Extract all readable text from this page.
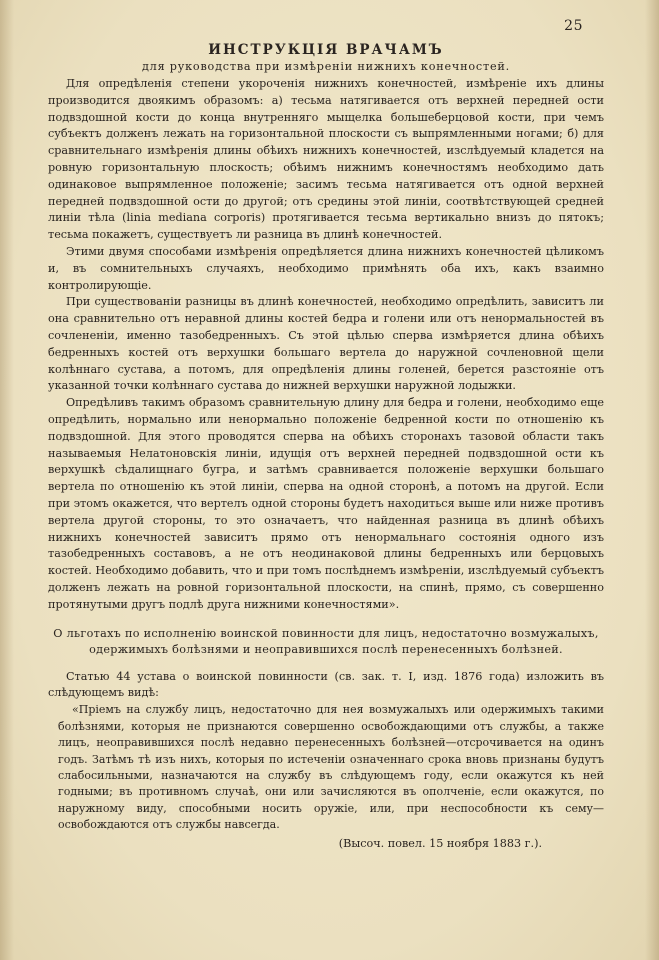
25
ИНСТРУКЦІЯ ВРАЧАМЪ
для руководства при измѣреніи нижнихъ конечностей.

Для опредѣленія степени укороченія нижнихъ конечностей, измѣреніе ихъ длины производится двоякимъ образомъ: а) тесьма натягивается отъ верхней передней ости подвздошной кости до конца внутренняго мыщелка большеберцовой кости, при чемъ субъектъ долженъ лежать на горизонтальной плоскости съ выпрямленными ногами; б) для сравнительнаго измѣренія длины обѣихъ нижнихъ конечностей, изслѣдуемый кладется на ровную горизонтальную плоскость; обѣимъ нижнимъ конечностямъ необходимо дать одинаковое выпрямленное положеніе; засимъ тесьма натягивается отъ одной верхней передней подвздошной ости до другой; отъ средины этой линіи, соотвѣтствующей средней линіи тѣла (linia mediana corporis) протягивается тесьма вертикально внизъ до пятокъ; тесьма покажетъ, существуетъ ли разница въ длинѣ конечностей.

Этими двумя способами измѣренія опредѣляется длина нижнихъ конечностей цѣликомъ и, въ сомнительныхъ случаяхъ, необходимо примѣнять оба ихъ, какъ взаимно контролирующіе.

При существованіи разницы въ длинѣ конечностей, необходимо опредѣлить, зависитъ ли она сравнительно отъ неравной длины костей бедра и голени или отъ ненормальностей въ сочлененіи, именно тазобедренныхъ. Съ этой цѣлью сперва измѣряется длина обѣихъ бедренныхъ костей отъ верхушки большаго вертела до наружной сочленовной щели колѣннаго сустава, а потомъ, для опредѣленія длины голеней, берется разстояніе отъ указанной точки колѣннаго сустава до нижней верхушки наружной лодыжки.

Опредѣливъ такимъ образомъ сравнительную длину для бедра и голени, необходимо еще опредѣлить, нормально или ненормально положеніе бедренной кости по отношенію къ подвздошной. Для этого проводятся сперва на обѣихъ сторонахъ тазовой области такъ называемыя Нелатоновскія линіи, идущія отъ верхней передней подвздошной ости къ верхушкѣ сѣдалищнаго бугра, и затѣмъ сравнивается положеніе верхушки большаго вертела по отношенію къ этой линіи, сперва на одной сторонѣ, а потомъ на другой. Если при этомъ окажется, что вертелъ одной стороны будетъ находиться выше или ниже противъ вертела другой стороны, то это означаетъ, что найденная разница въ длинѣ обѣихъ нижнихъ конечностей зависитъ прямо отъ ненормальнаго состоянія одного изъ тазобедренныхъ составовъ, а не отъ неодинаковой длины бедренныхъ или берцовыхъ костей. Необходимо добавить, что и при томъ послѣднемъ измѣреніи, изслѣдуемый субъектъ долженъ лежать на ровной горизонтальной плоскости, на спинѣ, прямо, съ совершенно протянутыми другъ подлѣ друга нижними конечностями».

О льготахъ по исполненію воинской повинности для лицъ, недостаточно возмужалыхъ, одержимыхъ болѣзнями и неоправившихся послѣ перенесенныхъ болѣзней.

Статью 44 устава о воинской повинности (св. зак. т. I, изд. 1876 года) изложить въ слѣдующемъ видѣ:

«Пріемъ на службу лицъ, недостаточно для нея возмужалыхъ или одержимыхъ такими болѣзнями, которыя не признаются совершенно освобождающими отъ службы, а также лицъ, неоправившихся послѣ недавно перенесенныхъ болѣзней—отсрочивается на одинъ годъ. Затѣмъ тѣ изъ нихъ, которыя по истеченіи означеннаго срока вновь признаны будутъ слабосильными, назначаются на службу въ слѣдующемъ году, если окажутся къ ней годными; въ противномъ случаѣ, они или зачисляются въ ополченіе, если окажутся, по наружному виду, способными носить оружіе, или, при неспособности къ сему—освобождаются отъ службы навсегда.

(Высоч. повел. 15 ноября 1883 г.).
